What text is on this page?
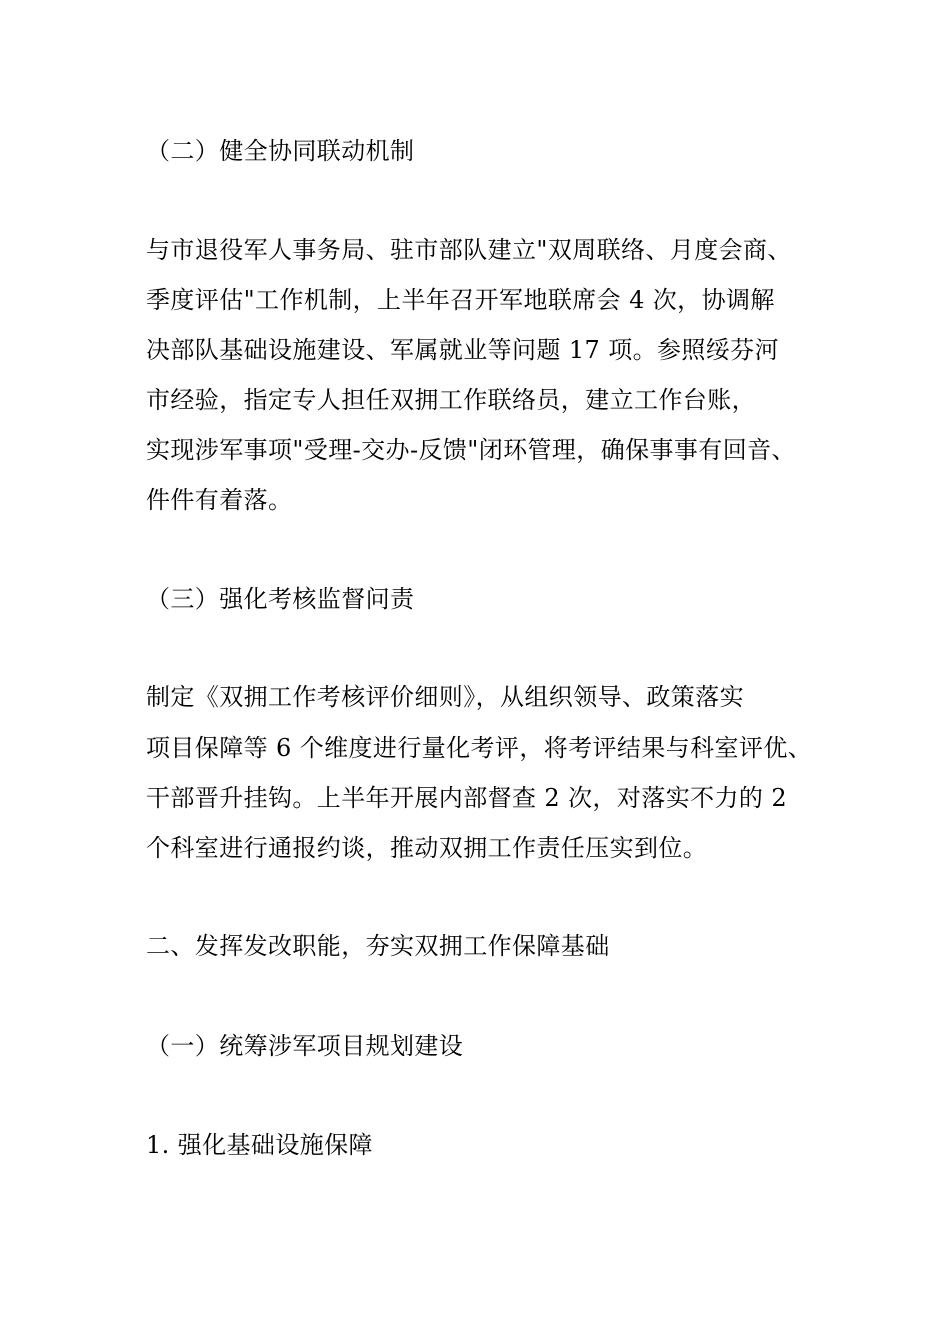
（二）健全协同联动机制
与市退役军人事务局、驻市部队建立"双周联络、月度会商、
季度评估"工作机制，上半年召开军地联席会 4 次，协调解
决部队基础设施建设、军属就业等问题 17 项。参照绥芬河
市经验，指定专人担任双拥工作联络员，建立工作台账，
实现涉军事项"受理-交办-反馈"闭环管理，确保事事有回音、
件件有着落。
（三）强化考核监督问责
制定《双拥工作考核评价细则》，从组织领导、政策落实
项目保障等 6 个维度进行量化考评，将考评结果与科室评优、
干部晋升挂钩。上半年开展内部督查 2 次，对落实不力的 2
个科室进行通报约谈，推动双拥工作责任压实到位。
二、发挥发改职能，夯实双拥工作保障基础
（一）统筹涉军项目规划建设
1. 强化基础设施保障
